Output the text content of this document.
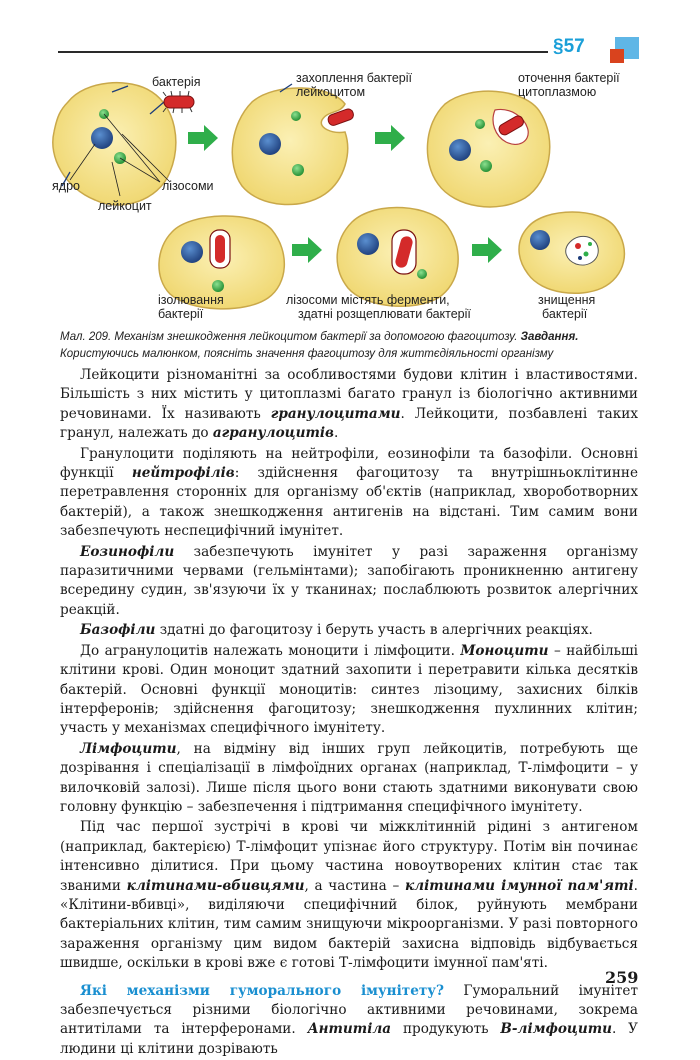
§57
бактерія
ядро	лізосоми
лейкоцит
захоплення бактерії
лейкоцитом
оточення бактерії
цитоплазмою
ізолювання
бактерії
лізосоми містять ферменти,
здатні розщеплювати бактерії
знищення
бактерії
Мал. 209. Механізм знешкодження лейкоцитом бактерії за допомогою фагоцитозу. Завдання. Користуючись малюнком, поясніть значення фагоцитозу для життєдіяльності організму

Лейкоцити різноманітні за особливостями будови клітин і властивостями. Більшість з них містить у цитоплазмі багато гранул із біологічно активними речовинами. Їх називають гранулоцитами. Лейкоцити, позбавлені таких гранул, належать до агранулоцитів.

Гранулоцити поділяють на нейтрофіли, еозинофіли та базофіли. Основні функції нейтрофілів: здійснення фагоцитозу та внутрішньоклітинне перетравлення сторонніх для організму об'єктів (наприклад, хвороботворних бактерій), а також знешкодження антигенів на відстані. Тим самим вони забезпечують неспецифічний імунітет.

Еозинофіли забезпечують імунітет у разі зараження організму паразитичними червами (гельмінтами); запобігають проникненню антигену всередину судин, зв'язуючи їх у тканинах; послаблюють розвиток алергічних реакцій.

Базофіли здатні до фагоцитозу і беруть участь в алергічних реакціях.

До агранулоцитів належать моноцити і лімфоцити. Моноцити – найбільші клітини крові. Один моноцит здатний захопити і перетравити кілька десятків бактерій. Основні функції моноцитів: синтез лізоциму, захисних білків інтерферонів; здійснення фагоцитозу; знешкодження пухлинних клітин; участь у механізмах специфічного імунітету.

Лімфоцити, на відміну від інших груп лейкоцитів, потребують ще дозрівання і спеціалізації в лімфоїдних органах (наприклад, Т-лімфоцити – у вилочковій залозі). Лише після цього вони стають здатними виконувати свою головну функцію – забезпечення і підтримання специфічного імунітету.

Під час першої зустрічі в крові чи міжклітинній рідині з антигеном (наприклад, бактерією) Т-лімфоцит упізнає його структуру. Потім він починає інтенсивно ділитися. При цьому частина новоутворених клітин стає так званими клітинами-вбивцями, а частина – клітинами імунної пам'яті. «Клітини-вбивці», виділяючи специфічний білок, руйнують мембрани бактеріальних клітин, тим самим знищуючи мікроорганізми. У разі повторного зараження організму цим видом бактерій захисна відповідь відбувається швидше, оскільки в крові вже є готові Т-лімфоцити імунної пам'яті.

Які механізми гуморального імунітету? Гуморальний імунітет забезпечується різними біологічно активними речовинами, зокрема антитілами та інтерферонами. Антитіла продукують В-лімфоцити. У людини ці клітини дозрівають

259
